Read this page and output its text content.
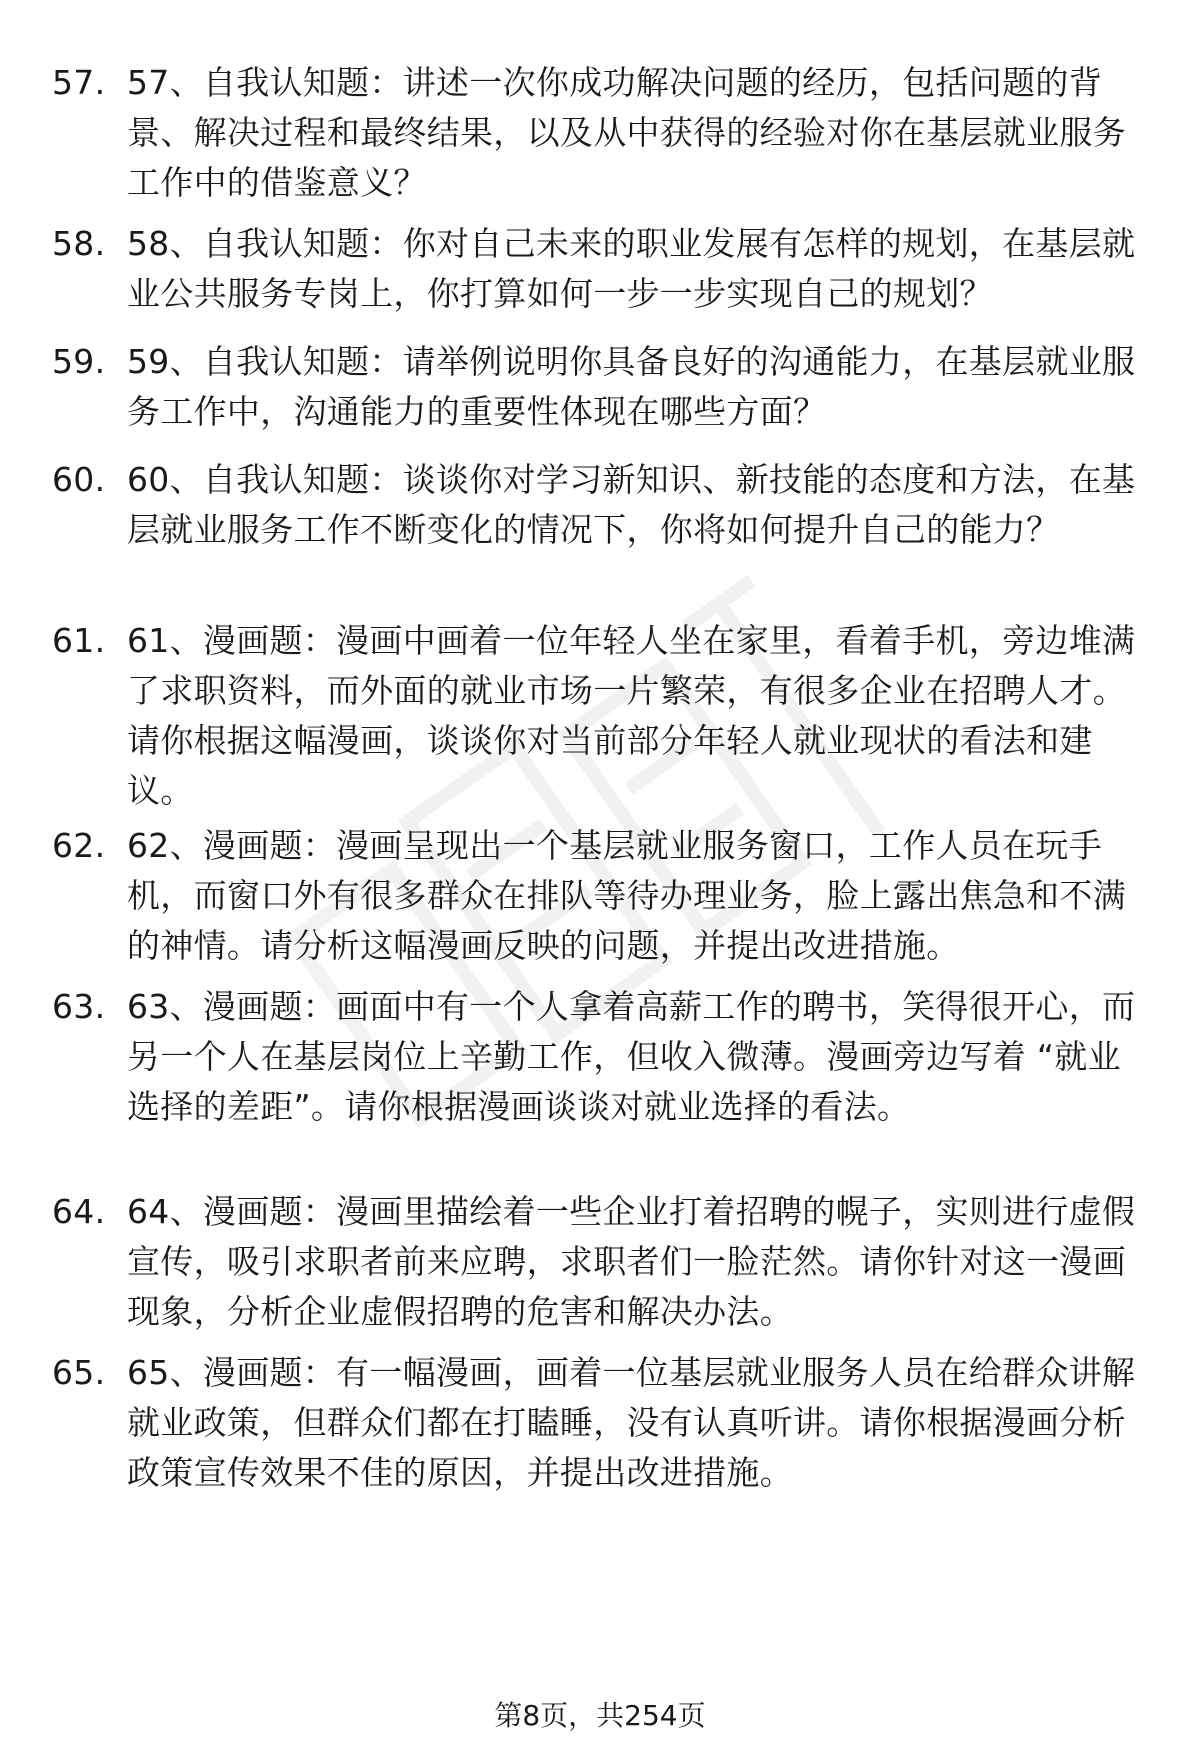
57. 57、自我认知题：讲述一次你成功解决问题的经历，包括问题的背景、解决过程和最终结果，以及从中获得的经验对你在基层就业服务工作中的借鉴意义？
58. 58、自我认知题：你对自己未来的职业发展有怎样的规划，在基层就业公共服务专岗上，你打算如何一步一步实现自己的规划？
59. 59、自我认知题：请举例说明你具备良好的沟通能力，在基层就业服务工作中，沟通能力的重要性体现在哪些方面？
60. 60、自我认知题：谈谈你对学习新知识、新技能的态度和方法，在基层就业服务工作不断变化的情况下，你将如何提升自己的能力？
61. 61、漫画题：漫画中画着一位年轻人坐在家里，看着手机，旁边堆满了求职资料，而外面的就业市场一片繁荣，有很多企业在招聘人才。请你根据这幅漫画，谈谈你对当前部分年轻人就业现状的看法和建议。
62. 62、漫画题：漫画呈现出一个基层就业服务窗口，工作人员在玩手机，而窗口外有很多群众在排队等待办理业务，脸上露出焦急和不满的神情。请分析这幅漫画反映的问题，并提出改进措施。
63. 63、漫画题：画面中有一个人拿着高薪工作的聘书，笑得很开心，而另一个人在基层岗位上辛勤工作，但收入微薄。漫画旁边写着 “就业选择的差距”。请你根据漫画谈谈对就业选择的看法。
64. 64、漫画题：漫画里描绘着一些企业打着招聘的幌子，实则进行虚假宣传，吸引求职者前来应聘，求职者们一脸茫然。请你针对这一漫画现象，分析企业虚假招聘的危害和解决办法。
65. 65、漫画题：有一幅漫画，画着一位基层就业服务人员在给群众讲解就业政策，但群众们都在打瞌睡，没有认真听讲。请你根据漫画分析政策宣传效果不佳的原因，并提出改进措施。
第8页，共254页
